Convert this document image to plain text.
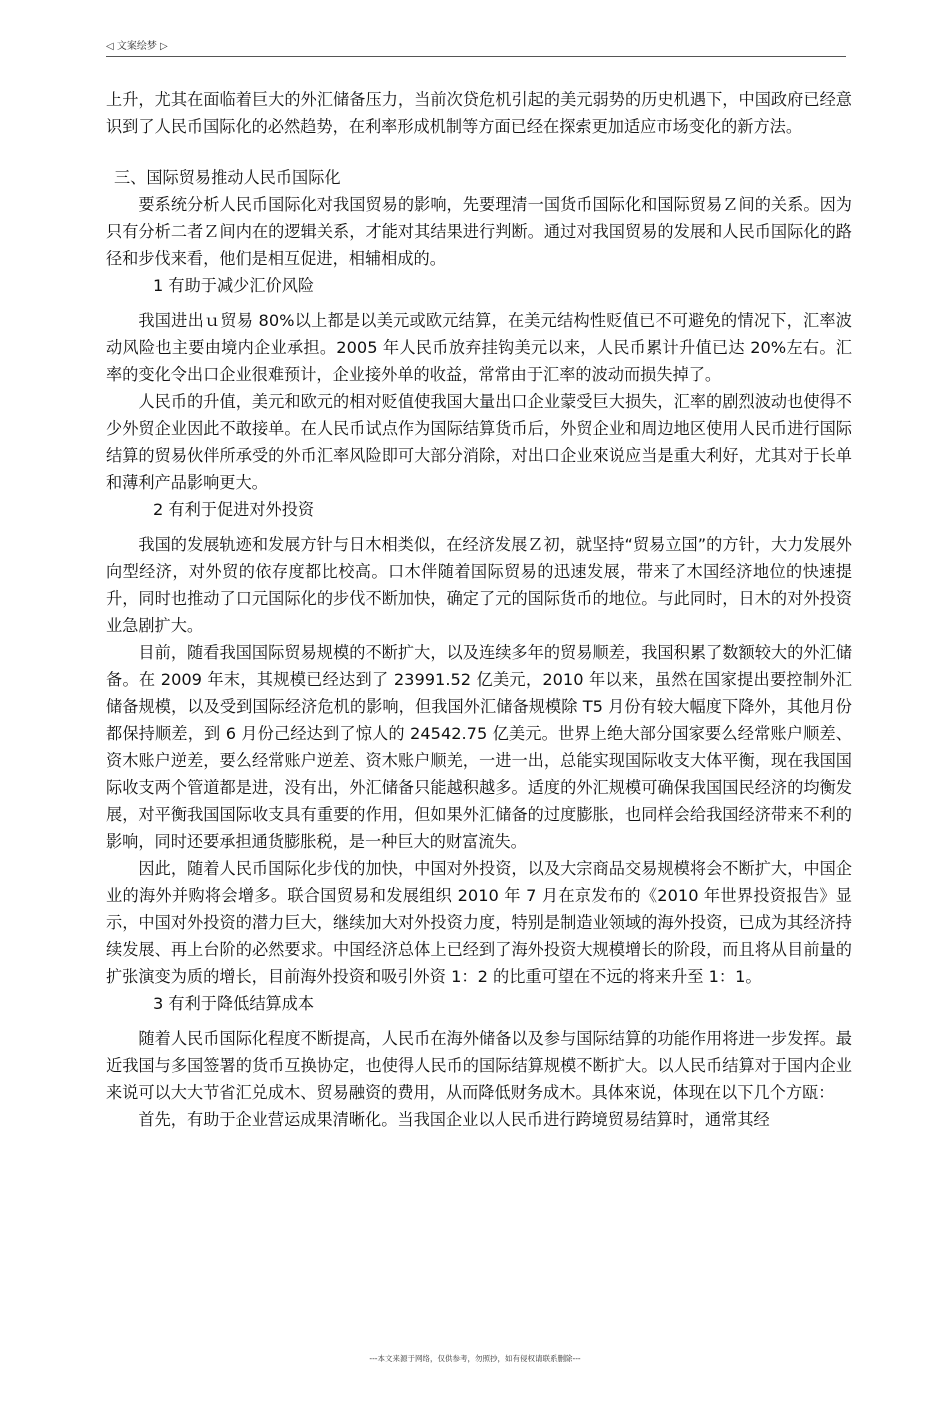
◁ 文案绘梦 ▷

上升，尤其在面临着巨大的外汇储备压力，当前次贷危机引起的美元弱势的历史机遇下，中国政府已经意识到了人民币国际化的必然趋势，在利率形成机制等方面已经在探索更加适应市场变化的新方法。

三、国际贸易推动人民币国际化

要系统分析人民币国际化对我国贸易的影响，先要理清一国货币国际化和国际贸易Ｚ间的关系。因为只有分析二者Ｚ间内在的逻辑关系，才能对其结果进行判断。通过对我国贸易的发展和人民币国际化的路径和步伐来看，他们是相互促进，相辅相成的。

1 有助于减少汇价风险

我国进出ｕ贸易 80%以上都是以美元或欧元结算，在美元结构性贬值已不可避免的情况下，汇率波动风险也主要由境内企业承担。2005 年人民币放弃挂钩美元以来，人民币累计升值已达 20%左右。汇率的变化令出口企业很难预计，企业接外单的收益，常常由于汇率的波动而损失掉了。

人民币的升值，美元和欧元的相对贬值使我国大量出口企业蒙受巨大损失，汇率的剧烈波动也使得不少外贸企业因此不敢接单。在人民币试点作为国际结算货币后，外贸企业和周边地区使用人民币进行国际结算的贸易伙伴所承受的外币汇率风险即可大部分消除，对出口企业來说应当是重大利好，尤其对于长单和薄利产品影响更大。

2 有利于促进对外投资

我国的发展轨迹和发展方针与日木相类似，在经济发展Ｚ初，就坚持“贸易立国”的方针，大力发展外向型经济，对外贸的依存度都比校高。口木伴随着国际贸易的迅速发展，带来了木国经济地位的快速提升，同时也推动了口元国际化的步伐不断加快，确定了元的国际货币的地位。与此同时，日木的对外投资业急剧扩大。

目前，随看我国国际贸易规模的不断扩大，以及连续多年的贸易顺差，我国积累了数额较大的外汇储备。在 2009 年末，其规模已经达到了 23991.52 亿美元，2010 年以来，虽然在国家提出要控制外汇储备规模，以及受到国际经济危机的影响，但我国外汇储备规模除 T5 月份有较大幅度下降外，其他月份都保持顺差，到 6 月份己经达到了惊人的 24542.75 亿美元。世界上绝大部分国家要么经常账户顺差、资木账户逆差，要么经常账户逆差、资木账户顺羌，一进一出，总能实现国际收支大体平衡，现在我国国际收支两个管道都是进，没有出，外汇储备只能越积越多。适度的外汇规模可确保我国国民经济的均衡发展，对平衡我国国际收支具有重要的作用，但如果外汇储备的过度膨胀，也同样会给我国经济带来不利的影响，同时还要承担通货膨胀税，是一种巨大的财富流失。

因此，随着人民币国际化步伐的加快，中国对外投资，以及大宗商品交易规模将会不断扩大，中国企业的海外并购将会增多。联合国贸易和发展组织 2010 年 7 月在京发布的《2010 年世界投资报告》显示，中国对外投资的潜力巨大，继续加大对外投资力度，特别是制造业领域的海外投资，已成为其经济持续发展、再上台阶的必然要求。中国经济总体上已经到了海外投资大规模增长的阶段，而且将从目前量的扩张演变为质的增长，目前海外投资和吸引外资 1：2 的比重可望在不远的将来升至 1：1。

3 有利于降低结算成本

随着人民币国际化程度不断提高，人民币在海外储备以及参与国际结算的功能作用将进一步发挥。最近我国与多国签署的货币互换协定，也使得人民币的国际结算规模不断扩大。以人民币结算对于国内企业来说可以大大节省汇兑成木、贸易融资的费用，从而降低财务成木。具体來说，体现在以下几个方瓯：

首先，有助于企业营运成果清晰化。当我国企业以人民币进行跨境贸易结算时，通常其经

---本文来源于网络，仅供参考，勿照抄，如有侵权请联系删除---
